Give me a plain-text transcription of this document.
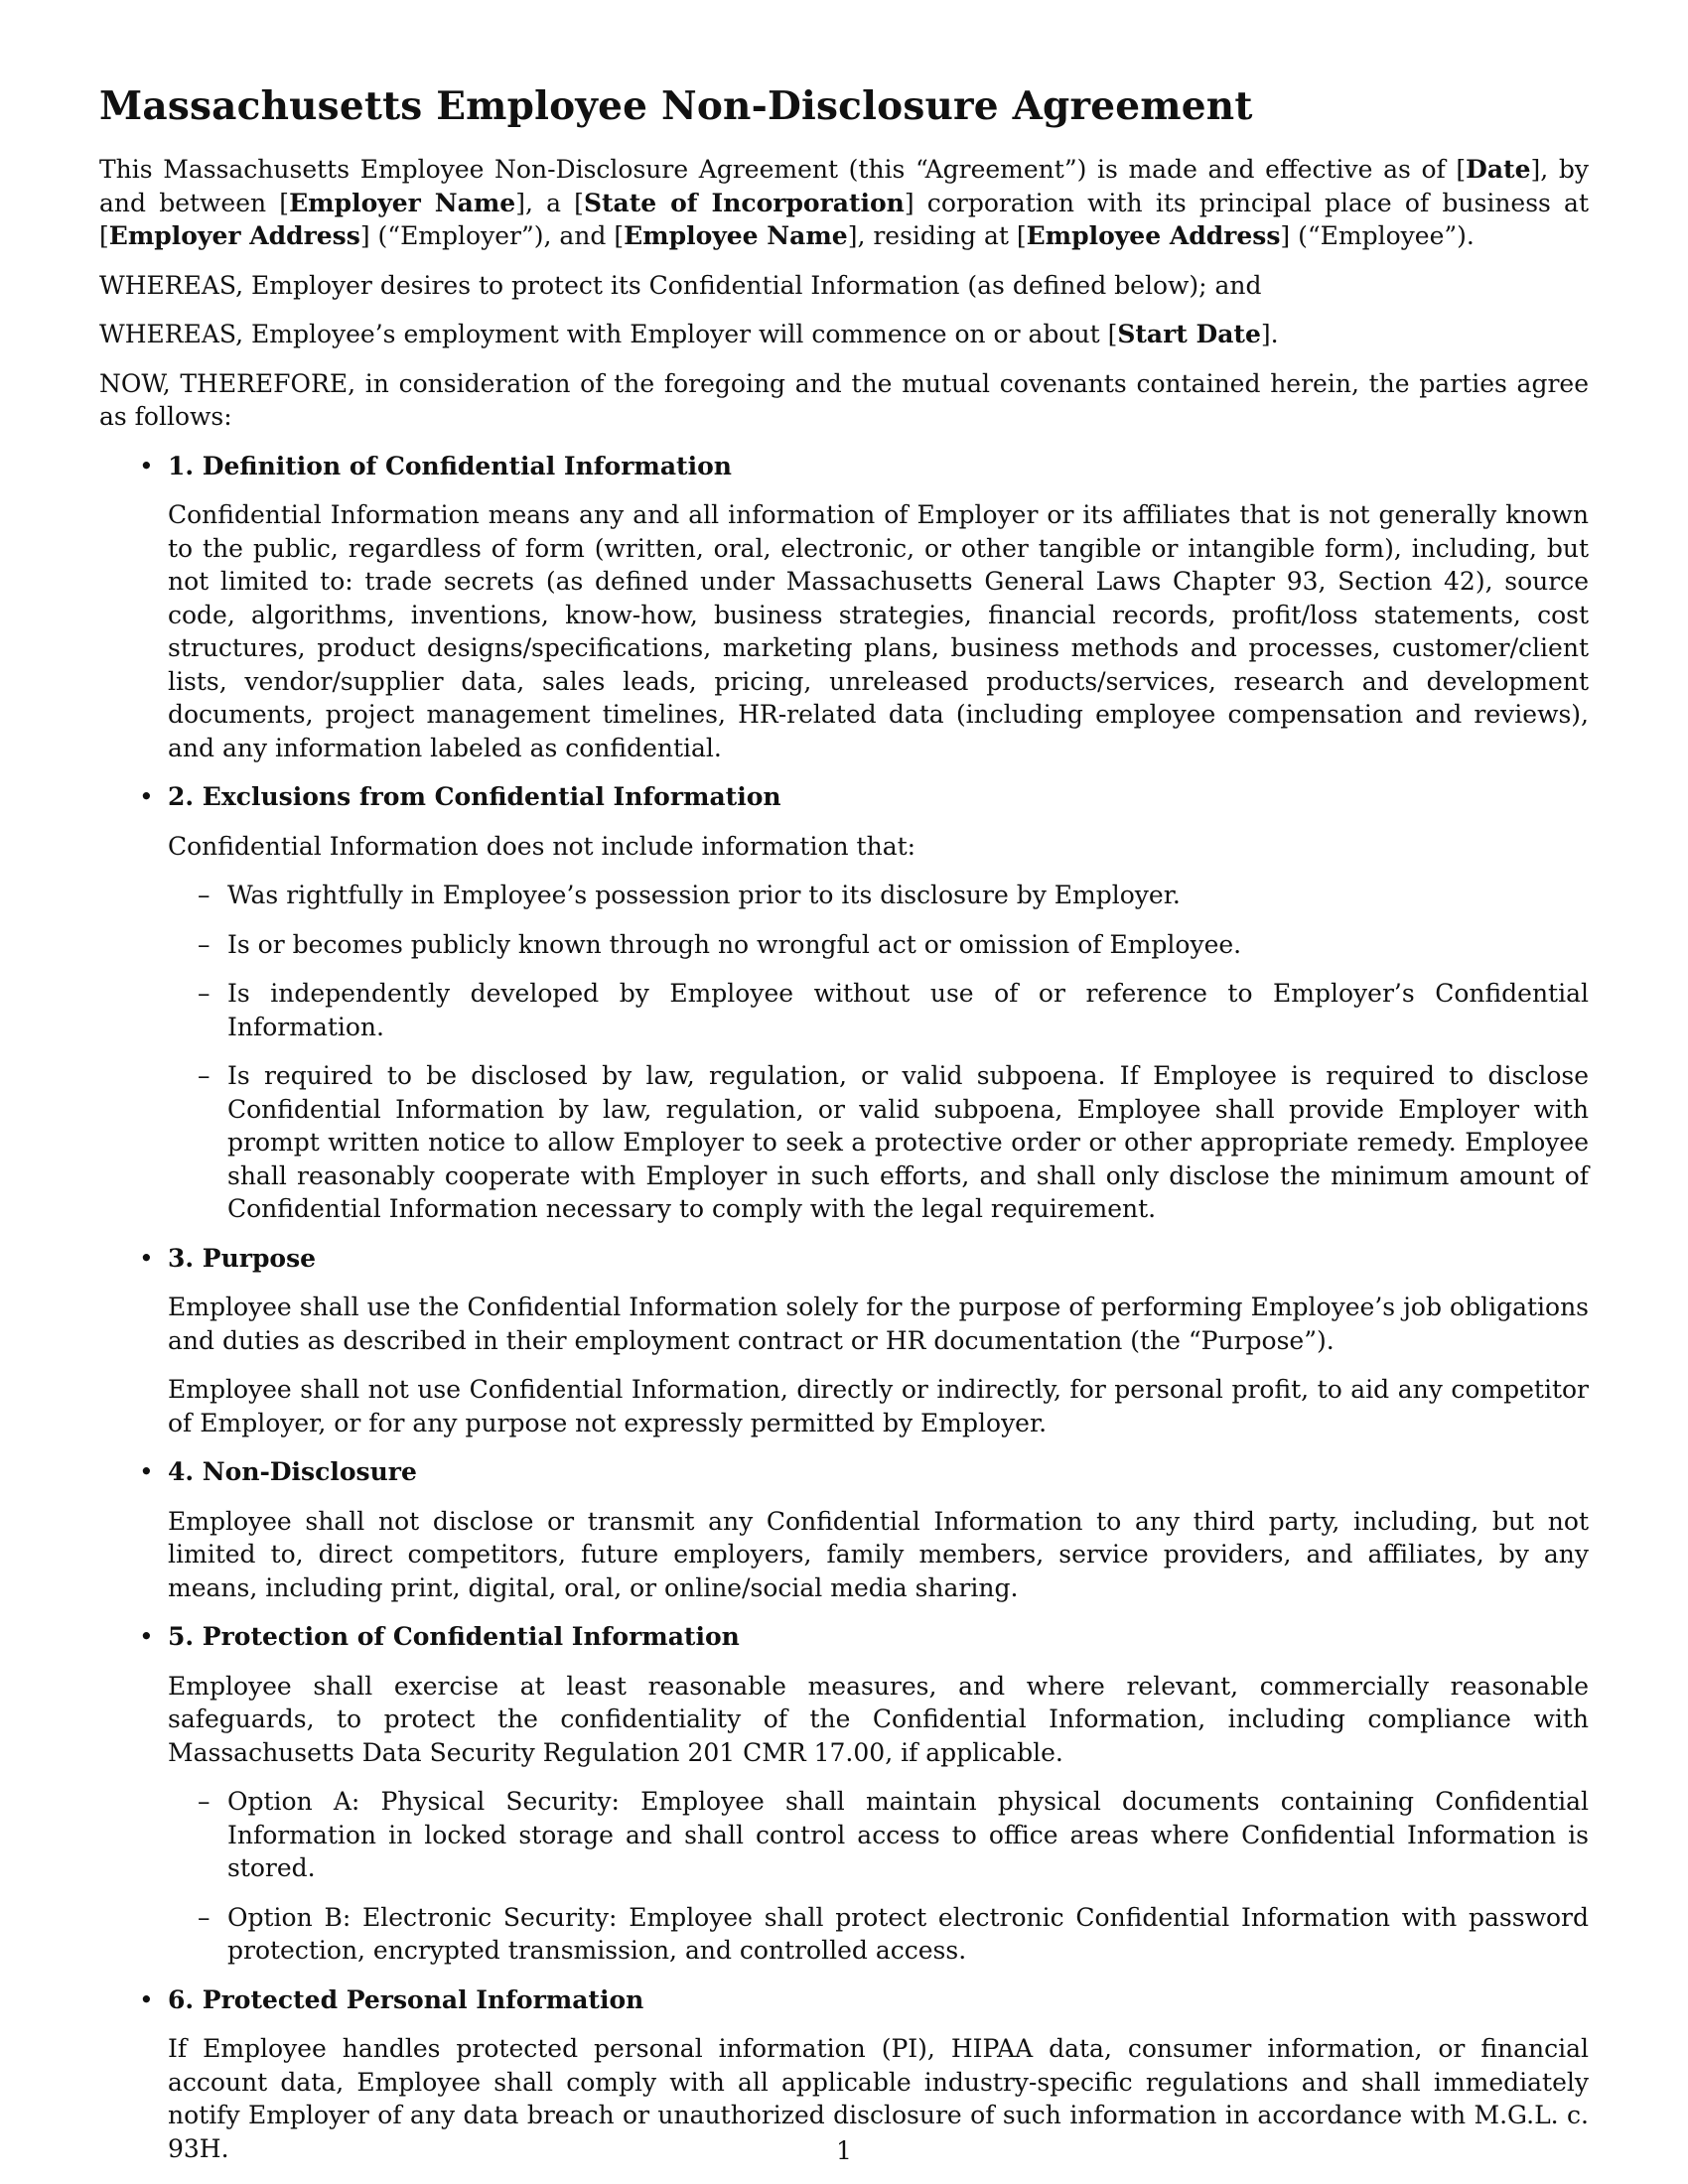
Massachusetts Employee Non-Disclosure Agreement

This Massachusetts Employee Non-Disclosure Agreement (this “Agreement”) is made and effective as of [Date], by and between [Employer Name], a [State of Incorporation] corporation with its principal place of business at [Employer Address] (“Employer”), and [Employee Name], residing at [Employee Address] (“Employee”).

WHEREAS, Employer desires to protect its Confidential Information (as defined below); and

WHEREAS, Employee’s employment with Employer will commence on or about [Start Date].

NOW, THEREFORE, in consideration of the foregoing and the mutual covenants contained herein, the parties agree as follows:

• 1. Definition of Confidential Information

Confidential Information means any and all information of Employer or its affiliates that is not generally known to the public, regardless of form (written, oral, electronic, or other tangible or intangible form), including, but not limited to: trade secrets (as defined under Massachusetts General Laws Chapter 93, Section 42), source code, algorithms, inventions, know-how, business strategies, financial records, profit/loss statements, cost structures, product designs/specifications, marketing plans, business methods and processes, customer/client lists, vendor/supplier data, sales leads, pricing, unreleased products/services, research and development documents, project management timelines, HR-related data (including employee compensation and reviews), and any information labeled as confidential.

• 2. Exclusions from Confidential Information

Confidential Information does not include information that:

– Was rightfully in Employee’s possession prior to its disclosure by Employer.
– Is or becomes publicly known through no wrongful act or omission of Employee.
– Is independently developed by Employee without use of or reference to Employer’s Confidential Information.
– Is required to be disclosed by law, regulation, or valid subpoena. If Employee is required to disclose Confidential Information by law, regulation, or valid subpoena, Employee shall provide Employer with prompt written notice to allow Employer to seek a protective order or other appropriate remedy. Employee shall reasonably cooperate with Employer in such efforts, and shall only disclose the minimum amount of Confidential Information necessary to comply with the legal requirement.
• 3. Purpose

Employee shall use the Confidential Information solely for the purpose of performing Employee’s job obligations and duties as described in their employment contract or HR documentation (the “Purpose”).

Employee shall not use Confidential Information, directly or indirectly, for personal profit, to aid any competitor of Employer, or for any purpose not expressly permitted by Employer.

• 4. Non-Disclosure

Employee shall not disclose or transmit any Confidential Information to any third party, including, but not limited to, direct competitors, future employers, family members, service providers, and affiliates, by any means, including print, digital, oral, or online/social media sharing.

• 5. Protection of Confidential Information

Employee shall exercise at least reasonable measures, and where relevant, commercially reasonable safeguards, to protect the confidentiality of the Confidential Information, including compliance with Massachusetts Data Security Regulation 201 CMR 17.00, if applicable.

– Option A: Physical Security: Employee shall maintain physical documents containing Confidential Information in locked storage and shall control access to office areas where Confidential Information is stored.
– Option B: Electronic Security: Employee shall protect electronic Confidential Information with password protection, encrypted transmission, and controlled access.
• 6. Protected Personal Information

If Employee handles protected personal information (PI), HIPAA data, consumer information, or financial account data, Employee shall comply with all applicable industry-specific regulations and shall immediately notify Employer of any data breach or unauthorized disclosure of such information in accordance with M.G.L. c. 93H.	1
